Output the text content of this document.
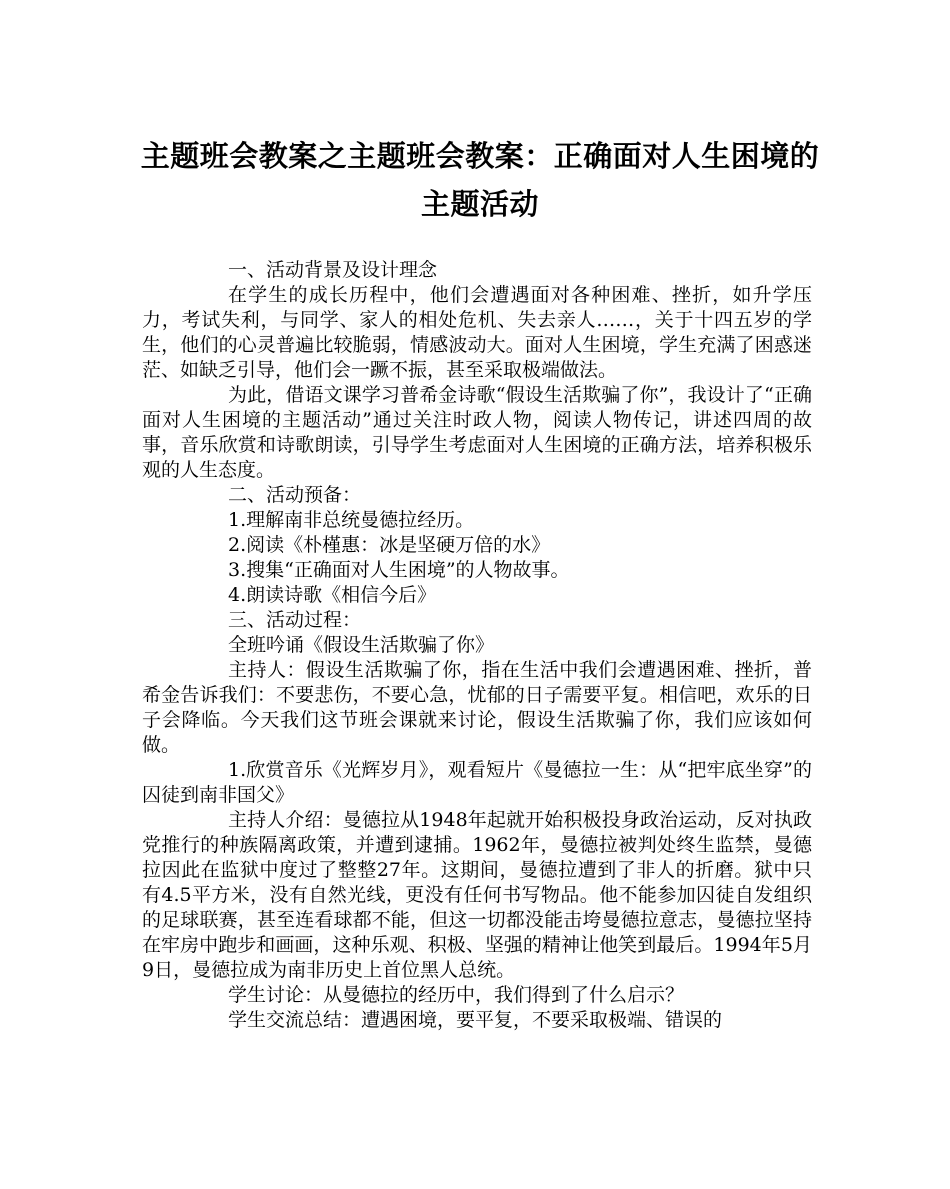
主题班会教案之主题班会教案：正确面对人生困境的主题活动

一、活动背景及设计理念

在学生的成长历程中，他们会遭遇面对各种困难、挫折，如升学压力，考试失利，与同学、家人的相处危机、失去亲人……，关于十四五岁的学生，他们的心灵普遍比较脆弱，情感波动大。面对人生困境，学生充满了困惑迷茫、如缺乏引导，他们会一蹶不振，甚至采取极端做法。

为此，借语文课学习普希金诗歌“假设生活欺骗了你”，我设计了“正确面对人生困境的主题活动”通过关注时政人物，阅读人物传记，讲述四周的故事，音乐欣赏和诗歌朗读，引导学生考虑面对人生困境的正确方法，培养积极乐观的人生态度。

二、活动预备：

1.理解南非总统曼德拉经历。

2.阅读《朴槿惠：冰是坚硬万倍的水》

3.搜集“正确面对人生困境”的人物故事。

4.朗读诗歌《相信今后》

三、活动过程：

全班吟诵《假设生活欺骗了你》

主持人：假设生活欺骗了你，指在生活中我们会遭遇困难、挫折，普希金告诉我们：不要悲伤，不要心急，忧郁的日子需要平复。相信吧，欢乐的日子会降临。今天我们这节班会课就来讨论，假设生活欺骗了你，我们应该如何做。

1.欣赏音乐《光辉岁月》，观看短片《曼德拉一生：从“把牢底坐穿”的囚徒到南非国父》

主持人介绍：曼德拉从1948年起就开始积极投身政治运动，反对执政党推行的种族隔离政策，并遭到逮捕。1962年，曼德拉被判处终生监禁，曼德拉因此在监狱中度过了整整27年。这期间，曼德拉遭到了非人的折磨。狱中只有4.5平方米，没有自然光线，更没有任何书写物品。他不能参加囚徒自发组织的足球联赛，甚至连看球都不能，但这一切都没能击垮曼德拉意志，曼德拉坚持在牢房中跑步和画画，这种乐观、积极、坚强的精神让他笑到最后。1994年5月9日，曼德拉成为南非历史上首位黑人总统。

学生讨论：从曼德拉的经历中，我们得到了什么启示？

学生交流总结：遭遇困境，要平复，不要采取极端、错误的
